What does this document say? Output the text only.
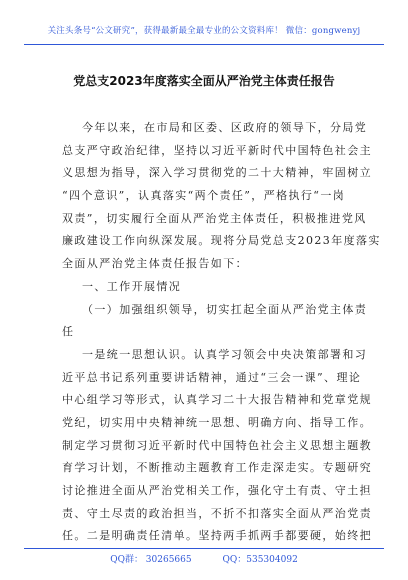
关注头条号“公文研究”，获得最新最全最专业的公文资料库！ 微信：gongwenyj
党总支2023年度落实全面从严治党主体责任报告
今年以来，在市局和区委、区政府的领导下，分局党
总支严守政治纪律，坚持以习近平新时代中国特色社会主
义思想为指导，深入学习贯彻党的二十大精神，牢固树立
“四个意识”，认真落实“两个责任”，严格执行“一岗
双责”，切实履行全面从严治党主体责任，积极推进党风
廉政建设工作向纵深发展。现将分局党总支2023年度落实
全面从严治党主体责任报告如下：
一、工作开展情况
（一）加强组织领导，切实扛起全面从严治党主体责
任
一是统一思想认识。认真学习领会中央决策部署和习
近平总书记系列重要讲话精神，通过“三会一课”、理论
中心组学习等形式，认真学习二十大报告精神和党章党规
党纪，切实用中央精神统一思想、明确方向、指导工作。
制定学习贯彻习近平新时代中国特色社会主义思想主题教
育学习计划，不断推动主题教育工作走深走实。专题研究
讨论推进全面从严治党相关工作，强化守土有责、守土担
责、守土尽责的政治担当，不折不扣落实全面从严治党责
任。二是明确责任清单。坚持两手抓两手都要硬，始终把
QQ群： 30265665	QQ：535304092
